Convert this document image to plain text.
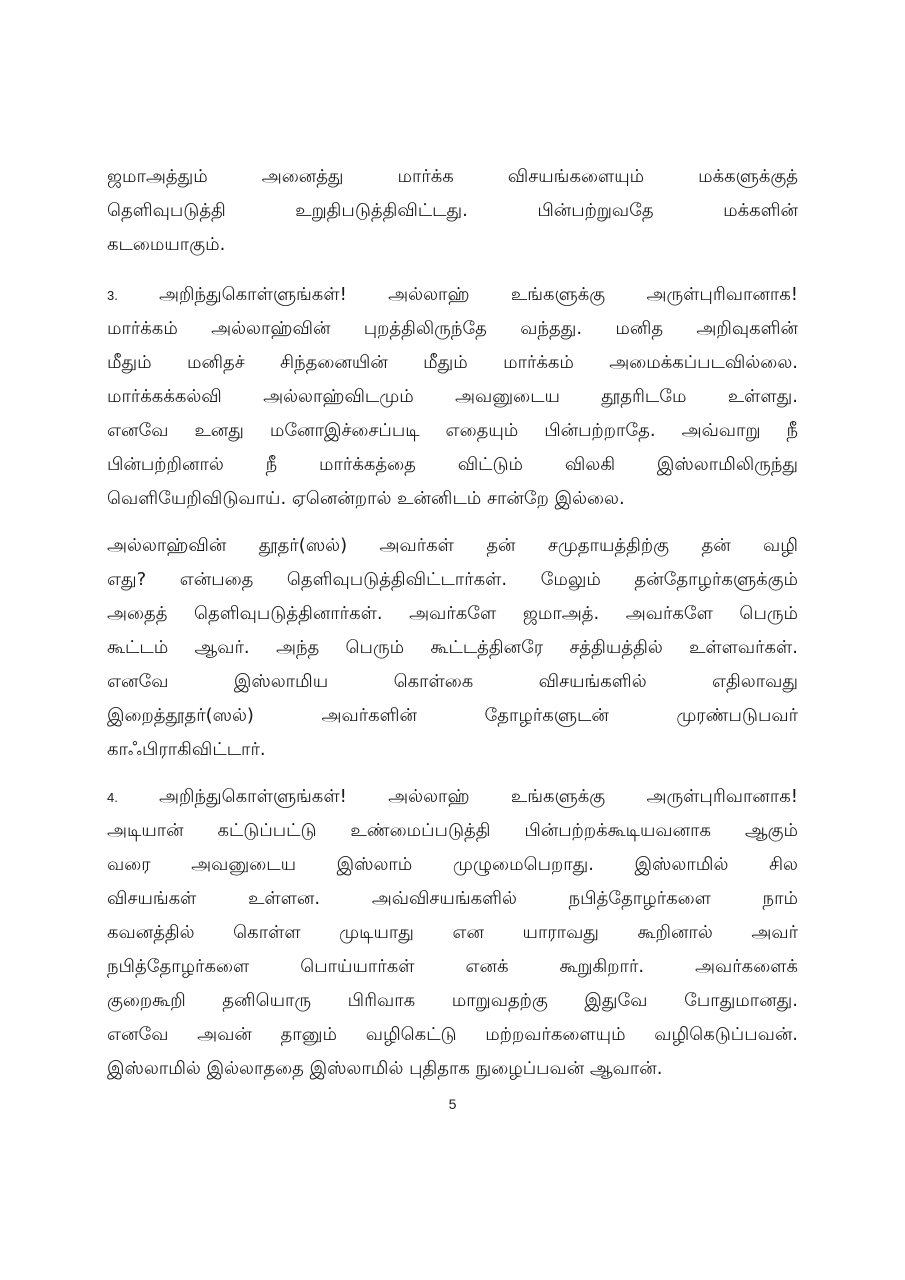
ஜமாஅத்தும் அனைத்து மார்க்க விசயங்களையும் மக்களுக்குத்
தெளிவுபடுத்தி உறுதிபடுத்திவிட்டது. பின்பற்றுவதே மக்களின்
கடமையாகும்.
3. அறிந்துகொள்ளுங்கள்! அல்லாஹ் உங்களுக்கு அருள்புரிவானாக!
மார்க்கம் அல்லாஹ்வின் புறத்திலிருந்தே வந்தது. மனித அறிவுகளின்
மீதும் மனிதச் சிந்தனையின் மீதும் மார்க்கம் அமைக்கப்படவில்லை.
மார்க்கக்கல்வி அல்லாஹ்விடமும் அவனுடைய தூதரிடமே உள்ளது.
எனவே உனது மனோஇச்சைப்படி எதையும் பின்பற்றாதே. அவ்வாறு நீ
பின்பற்றினால் நீ மார்க்கத்தை விட்டும் விலகி இஸ்லாமிலிருந்து
வெளியேறிவிடுவாய். ஏனென்றால் உன்னிடம் சான்றே இல்லை.
அல்லாஹ்வின் தூதர்(ஸல்) அவர்கள் தன் சமுதாயத்திற்கு தன் வழி
எது? என்பதை தெளிவுபடுத்திவிட்டார்கள். மேலும் தன்தோழர்களுக்கும்
அதைத் தெளிவுபடுத்தினார்கள். அவர்களே ஜமாஅத். அவர்களே பெரும்
கூட்டம் ஆவர். அந்த பெரும் கூட்டத்தினரே சத்தியத்தில் உள்ளவர்கள்.
எனவே இஸ்லாமிய கொள்கை விசயங்களில் எதிலாவது
இறைத்தூதர்(ஸல்) அவர்களின் தோழர்களுடன் முரண்படுபவர்
காஃபிராகிவிட்டார்.
4. அறிந்துகொள்ளுங்கள்! அல்லாஹ் உங்களுக்கு அருள்புரிவானாக!
அடியான் கட்டுப்பட்டு உண்மைப்படுத்தி பின்பற்றக்கூடியவனாக ஆகும்
வரை அவனுடைய இஸ்லாம் முழுமைபெறாது. இஸ்லாமில் சில
விசயங்கள் உள்ளன. அவ்விசயங்களில் நபித்தோழர்களை நாம்
கவனத்தில் கொள்ள முடியாது என யாராவது கூறினால் அவர்
நபித்தோழர்களை பொய்யார்கள் எனக் கூறுகிறார். அவர்களைக்
குறைகூறி தனியொரு பிரிவாக மாறுவதற்கு இதுவே போதுமானது.
எனவே அவன் தானும் வழிகெட்டு மற்றவர்களையும் வழிகெடுப்பவன்.
இஸ்லாமில் இல்லாததை இஸ்லாமில் புதிதாக நுழைப்பவன் ஆவான்.
5
